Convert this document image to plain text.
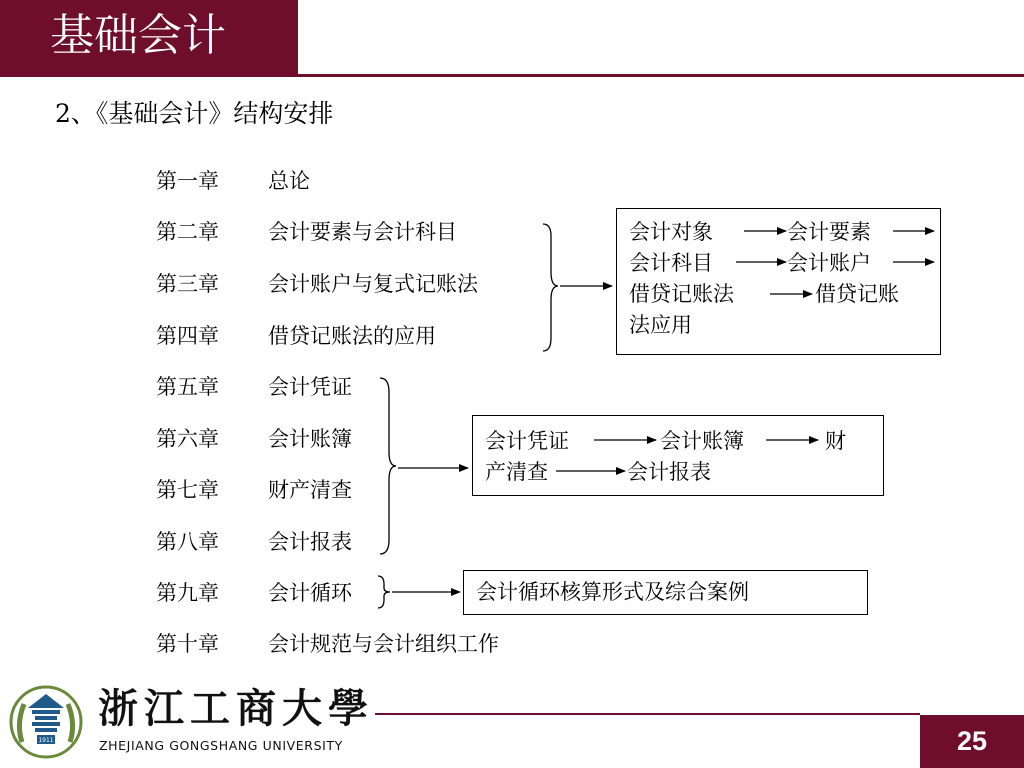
基础会计
2、《基础会计》结构安排
第一章 总论
第二章 会计要素与会计科目
第三章 会计账户与复式记账法
第四章 借贷记账法的应用
第五章 会计凭证
第六章 会计账簿
第七章 财产清查
第八章 会计报表
第九章 会计循环
第十章 会计规范与会计组织工作
会计对象	会计要素
会计科目	会计账户
借贷记账法	借贷记账
法应用
会计凭证	会计账簿	财
产清查	会计报表
会计循环核算形式及综合案例
1911
浙江工商大學
ZHEJIANG GONGSHANG UNIVERSITY	25
